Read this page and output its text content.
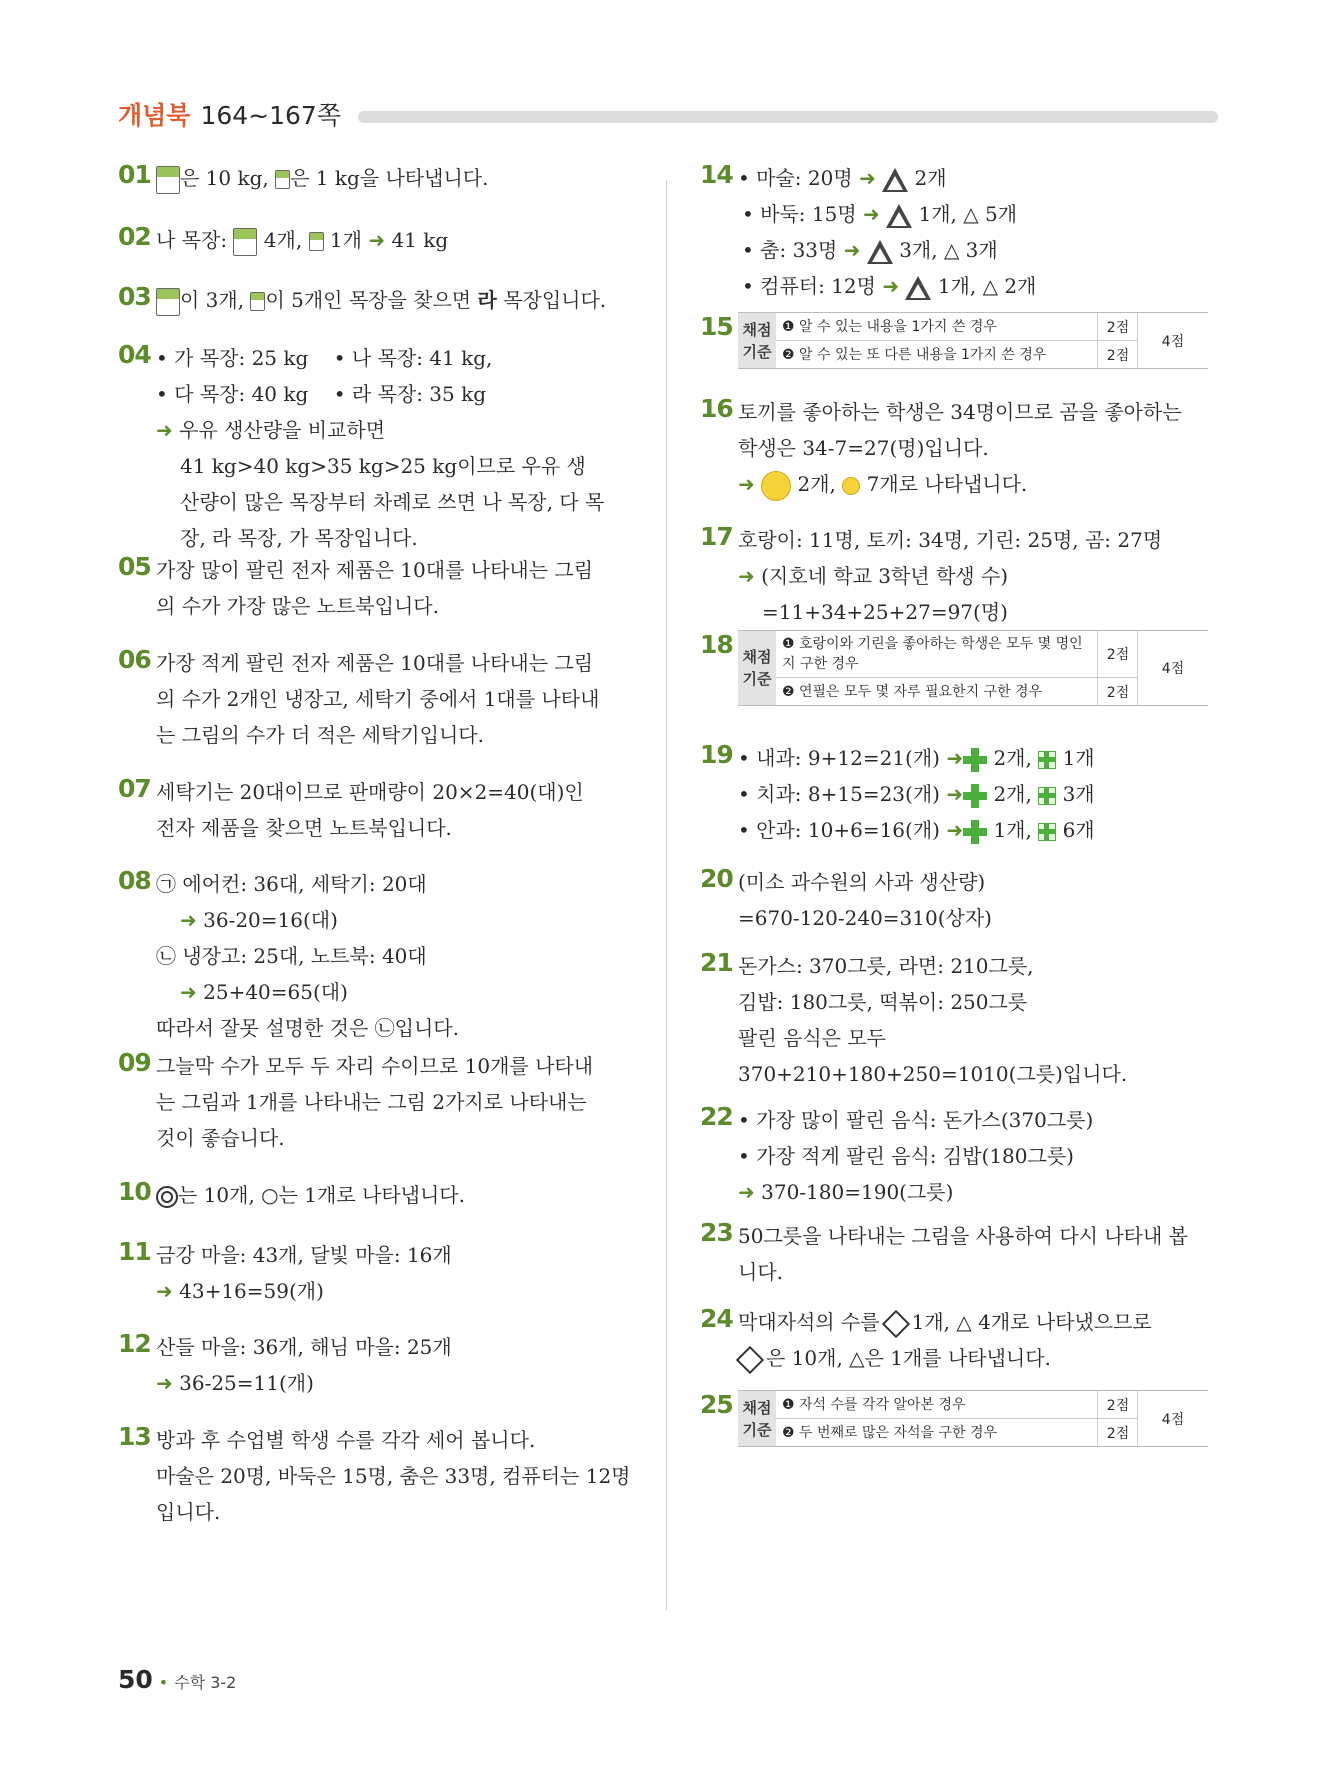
개념북 164~167쪽
01	은 10 kg, 은 1 kg을 나타냅니다.
02 나 목장: 4개, 1개 ➜ 41 kg
03	이 3개, 이 5개인 목장을 찾으면 라 목장입니다.
04 • 가 목장: 25 kg • 나 목장: 41 kg,
• 다 목장: 40 kg • 라 목장: 35 kg
➜ 우유 생산량을 비교하면
41 kg>40 kg>35 kg>25 kg이므로 우유 생
산량이 많은 목장부터 차례로 쓰면 나 목장, 다 목
장, 라 목장, 가 목장입니다.
05 가장 많이 팔린 전자 제품은 10대를 나타내는 그림
의 수가 가장 많은 노트북입니다.
06 가장 적게 팔린 전자 제품은 10대를 나타내는 그림
의 수가 2개인 냉장고, 세탁기 중에서 1대를 나타내
는 그림의 수가 더 적은 세탁기입니다.
07 세탁기는 20대이므로 판매량이 20×2=40(대)인
전자 제품을 찾으면 노트북입니다.
08 ㉠ 에어컨: 36대, 세탁기: 20대
➜ 36-20=16(대)
㉡ 냉장고: 25대, 노트북: 40대
➜ 25+40=65(대)
따라서 잘못 설명한 것은 ㉡입니다.
09 그늘막 수가 모두 두 자리 수이므로 10개를 나타내
는 그림과 1개를 나타내는 그림 2가지로 나타내는
것이 좋습니다.
10	는 10개, ○는 1개로 나타냅니다.
11 금강 마을: 43개, 달빛 마을: 16개
➜ 43+16=59(개)
12 산들 마을: 36개, 해님 마을: 25개
➜ 36-25=11(개)
13 방과 후 수업별 학생 수를 각각 세어 봅니다.
마술은 20명, 바둑은 15명, 춤은 33명, 컴퓨터는 12명
입니다.
14 • 마술: 20명 ➜ 2개
• 바둑: 15명 ➜ 1개, △ 5개
• 춤: 33명 ➜ 3개, △ 3개
• 컴퓨터: 12명 ➜ 1개, △ 2개
15 채점 기준
❶ 알 수 있는 내용을 1가지 쓴 경우	2점
❷ 알 수 있는 또 다른 내용을 1가지 쓴 경우	2점
4점
16 토끼를 좋아하는 학생은 34명이므로 곰을 좋아하는
학생은 34-7=27(명)입니다.
➜ 2개, 7개로 나타냅니다.
17 호랑이: 11명, 토끼: 34명, 기린: 25명, 곰: 27명
➜ (지호네 학교 3학년 학생 수)
=11+34+25+27=97(명)
18 채점 기준
❶ 호랑이와 기린을 좋아하는 학생은 모두 몇 명인 지 구한 경우
2점
❷ 연필은 모두 몇 자루 필요한지 구한 경우	2점
4점
19 • 내과: 9+12=21(개) ➜ 2개, 1개
• 치과: 8+15=23(개) ➜ 2개, 3개
• 안과: 10+6=16(개) ➜ 1개, 6개
20 (미소 과수원의 사과 생산량)
=670-120-240=310(상자)
21 돈가스: 370그릇, 라면: 210그릇,
김밥: 180그릇, 떡볶이: 250그릇
팔린 음식은 모두
370+210+180+250=1010(그릇)입니다.
22 • 가장 많이 팔린 음식: 돈가스(370그릇)
• 가장 적게 팔린 음식: 김밥(180그릇)
➜ 370-180=190(그릇)
23 50그릇을 나타내는 그림을 사용하여 다시 나타내 봅
니다.
24 막대자석의 수를 1개, △ 4개로 나타냈으므로
은 10개, △은 1개를 나타냅니다.
25 채점 기준
❶ 자석 수를 각각 알아본 경우	2점
❷ 두 번째로 많은 자석을 구한 경우	2점
4점
50 • 수학 3-2
